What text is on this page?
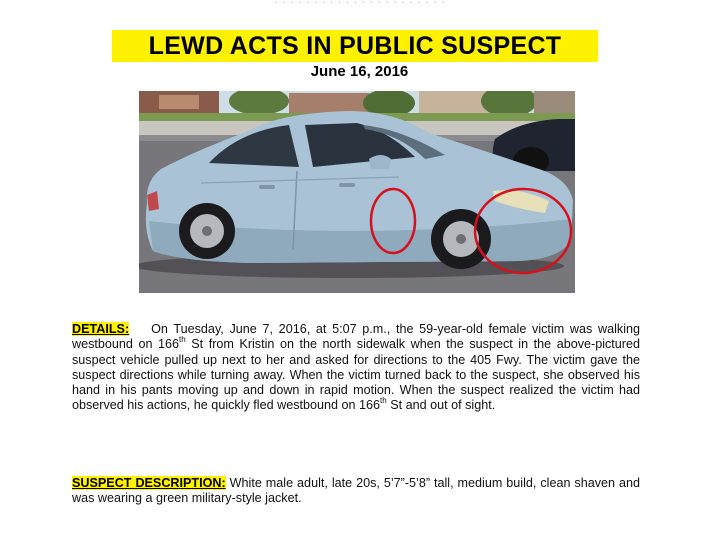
· · · · · · · · · · · · · · · · · · · · · ·
LEWD ACTS IN PUBLIC SUSPECT
June 16, 2016
DETAILS: On Tuesday, June 7, 2016, at 5:07 p.m., the 59-year-old female victim was walking westbound on 166th St from Kristin on the north sidewalk when the suspect in the above-pictured suspect vehicle pulled up next to her and asked for directions to the 405 Fwy. The victim gave the suspect directions while turning away. When the victim turned back to the suspect, she observed his hand in his pants moving up and down in rapid motion. When the suspect realized the victim had observed his actions, he quickly fled westbound on 166th St and out of sight.
SUSPECT DESCRIPTION: White male adult, late 20s, 5’7”-5’8” tall, medium build, clean shaven and was wearing a green military-style jacket.
